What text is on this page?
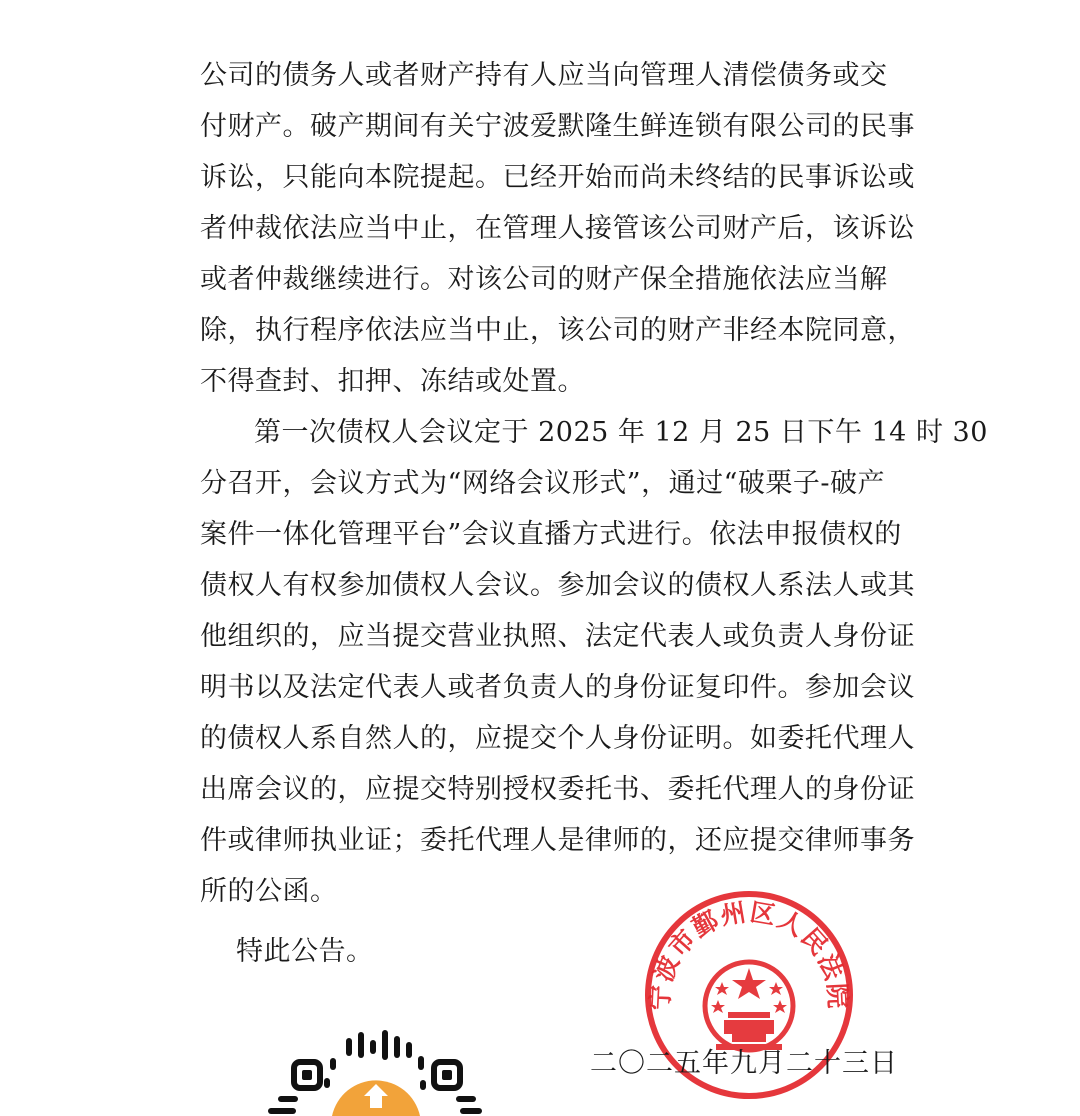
公司的债务人或者财产持有人应当向管理人清偿债务或交
付财产。破产期间有关宁波爱默隆生鲜连锁有限公司的民事
诉讼，只能向本院提起。已经开始而尚未终结的民事诉讼或
者仲裁依法应当中止，在管理人接管该公司财产后，该诉讼
或者仲裁继续进行。对该公司的财产保全措施依法应当解
除，执行程序依法应当中止，该公司的财产非经本院同意，
不得查封、扣押、冻结或处置。
第一次债权人会议定于 2025 年 12 月 25 日下午 14 时 30
分召开，会议方式为“网络会议形式”，通过“破栗子-破产
案件一体化管理平台”会议直播方式进行。依法申报债权的
债权人有权参加债权人会议。参加会议的债权人系法人或其
他组织的，应当提交营业执照、法定代表人或负责人身份证
明书以及法定代表人或者负责人的身份证复印件。参加会议
的债权人系自然人的，应提交个人身份证明。如委托代理人
出席会议的，应提交特别授权委托书、委托代理人的身份证
件或律师执业证；委托代理人是律师的，还应提交律师事务
所的公函。
特此公告。
宁波市鄞州区人民法院
二〇二五年九月二十三日
